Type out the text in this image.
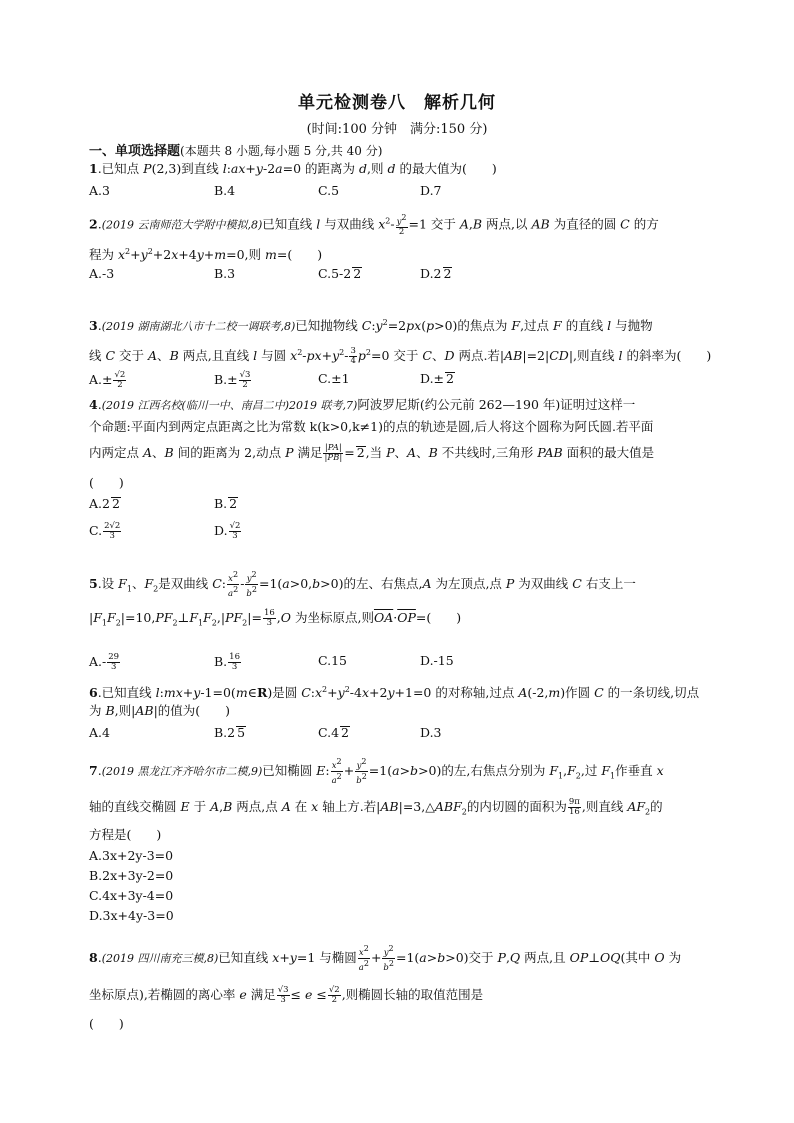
单元检测卷八　解析几何
(时间:100 分钟　满分:150 分)
一、单项选择题(本题共 8 小题,每小题 5 分,共 40 分)
1.已知点 P(2,3)到直线 l:ax+y-2a=0 的距离为 d,则 d 的最大值为(　　)
A.3	B.4	C.5	D.7
2.(2019 云南师范大学附中模拟,8)已知直线 l 与双曲线 $x^2- \frac{y^2}{2} =1$ 交于 A,B 两点,以 AB 为直径的圆 C 的方
程为 $x^2+y^2+2x+4y+m=0$,则 m=(　　)
A.-3	B.3	C.5-2 2	D.2 2
3.(2019 湖南湖北八市十二校一调联考,8)已知抛物线 $C:y^2=2px(p>0)$的焦点为 F,过点 F 的直线 l 与抛物
线 C 交于 A、B 两点,且直线 l 与圆 $x^2-px+y^2- \frac{3}{4} p^2=0$ 交于 C、D 两点.若|AB|=2|CD|,则直线 l 的斜率为(　　)
$A.\pm \frac{√2}{2}$	$B.\pm \frac{√3}{2}$	C.±1	D.± 2
4.(2019 江西名校(临川一中、南昌二中)2019 联考,7)阿波罗尼斯(约公元前 262—190 年)证明过这样一
个命题:平面内到两定点距离之比为常数 k(k>0,k≠1)的点的轨迹是圆,后人将这个圆称为阿氏圆.若平面
内两定点 A、B 间的距离为 2,动点 P 满足 $\frac{|PA|}{|PB|} = 2$,当 P、A、B 不共线时,三角形 PAB 面积的最大值是
(　　)
A.2 2	B. 2
C. $\frac{2√2}{3}$	D. $\frac{√2}{3}$
5.设 $F_1$、$F_2$是双曲线 C: $\frac{x^2}{a^2} - \frac{y^2}{b^2} =1(a>0,b>0)$的左、右焦点,A 为左顶点,点 P 为双曲线 C 右支上一
$|F_1F_2|=10,PF_2\perp F_1F_2,|PF_2|= \frac{16}{3} ,O$ 为坐标原点,则$\overline{OA}\cdot\overline{OP}=$(　　)
$A.- \frac{29}{3}$	B. $\frac{16}{3}$	C.15	D.-15
6.已知直线 l:mx+y-1=0(m∈R)是圆 $C:x^2+y^2-4x+2y+1=0$ 的对称轴,过点 A(-2,m)作圆 C 的一条切线,切点
为 B,则|AB|的值为(　　)
A.4	B.2 5	C.4 2	D.3
7.(2019 黑龙江齐齐哈尔市二模,9)已知椭圆 E: $\frac{x^2}{a^2} + \frac{y^2}{b^2} =1(a>b>0)$的左,右焦点分别为 $F_1,F_2$,过 $F_1$作垂直 x
轴的直线交椭圆 E 于 A,B 两点,点 A 在 x 轴上方.若$|AB|=3,\triangle ABF_2$的内切圆的面积为 $\frac{9\pi}{16}$ ,则直线 $AF_2$的
方程是(　　)
A.3x+2y-3=0
B.2x+3y-2=0
C.4x+3y-4=0
D.3x+4y-3=0
8.(2019 四川南充三模,8)已知直线 x+y=1 与椭圆 $\frac{x^2}{a^2} + \frac{y^2}{b^2} =1(a>b>0)$交于 P,Q 两点,且 OP⊥OQ(其中 O 为
坐标原点),若椭圆的离心率 e 满足 $\frac{√3}{3} \le e \le \frac{√2}{2}$ ,则椭圆长轴的取值范围是
(　　)
